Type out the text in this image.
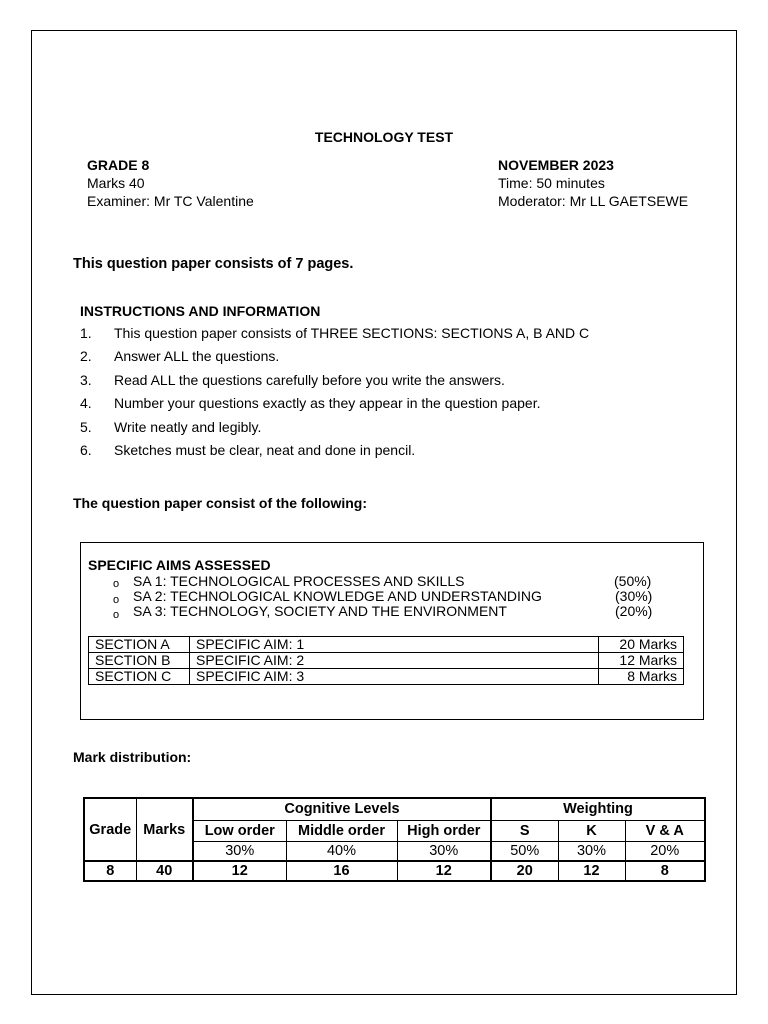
TECHNOLOGY TEST
GRADE 8
Marks 40
Examiner: Mr TC Valentine
NOVEMBER 2023
Time: 50 minutes
Moderator: Mr LL GAETSEWE
This question paper consists of 7 pages.
INSTRUCTIONS AND INFORMATION
1.	This question paper consists of THREE SECTIONS: SECTIONS A, B AND C
2.	Answer ALL the questions.
3.	Read ALL the questions carefully before you write the answers.
4.	Number your questions exactly as they appear in the question paper.
5.	Write neatly and legibly.
6.	Sketches must be clear, neat and done in pencil.
The question paper consist of the following:
SPECIFIC AIMS ASSESSED
o SA 1: TECHNOLOGICAL PROCESSES AND SKILLS	(50%)
o SA 2: TECHNOLOGICAL KNOWLEDGE AND UNDERSTANDING	(30%)
o SA 3: TECHNOLOGY, SOCIETY AND THE ENVIRONMENT	(20%)
SECTION A	SPECIFIC AIM: 1	20 Marks
SECTION B	SPECIFIC AIM: 2	12 Marks
SECTION C	SPECIFIC AIM: 3	8 Marks
Mark distribution:
Grade	Marks	Cognitive Levels			Weighting		
		Low order	Middle order	High order	S	K	V & A
		30%	40%	30%	50%	30%	20%
8	40	12	16	12	20	12	8
